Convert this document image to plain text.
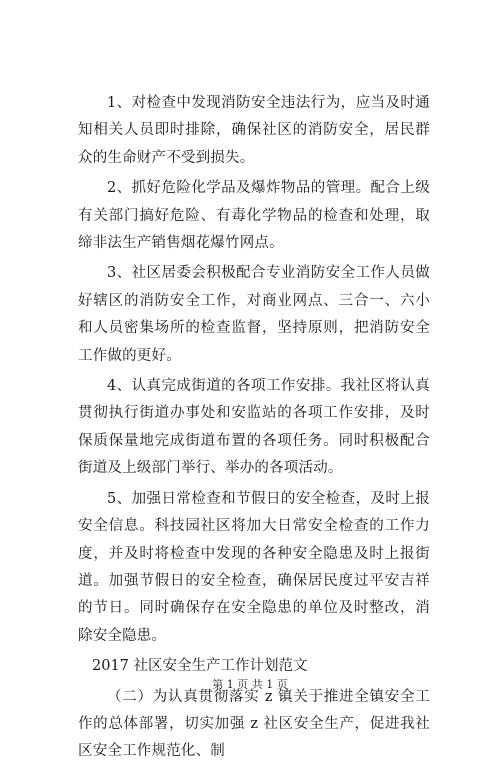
1、对检查中发现消防安全违法行为，应当及时通知相关人员即时排除，确保社区的消防安全，居民群众的生命财产不受到损失。

2、抓好危险化学品及爆炸物品的管理。配合上级有关部门搞好危险、有毒化学物品的检查和处理，取缔非法生产销售烟花爆竹网点。

3、社区居委会积极配合专业消防安全工作人员做好辖区的消防安全工作，对商业网点、三合一、六小和人员密集场所的检查监督，坚持原则，把消防安全工作做的更好。

4、认真完成街道的各项工作安排。我社区将认真贯彻执行街道办事处和安监站的各项工作安排，及时保质保量地完成街道布置的各项任务。同时积极配合街道及上级部门举行、举办的各项活动。

5、加强日常检查和节假日的安全检查，及时上报安全信息。科技园社区将加大日常安全检查的工作力度，并及时将检查中发现的各种安全隐患及时上报街道。加强节假日的安全检查，确保居民度过平安吉祥的节日。同时确保存在安全隐患的单位及时整改，消除安全隐患。

2017 社区安全生产工作计划范文

（二）为认真贯彻落实 z 镇关于推进全镇安全工作的总体部署，切实加强 z 社区安全生产，促进我社区安全工作规范化、制

第 1 页 共 1 页
